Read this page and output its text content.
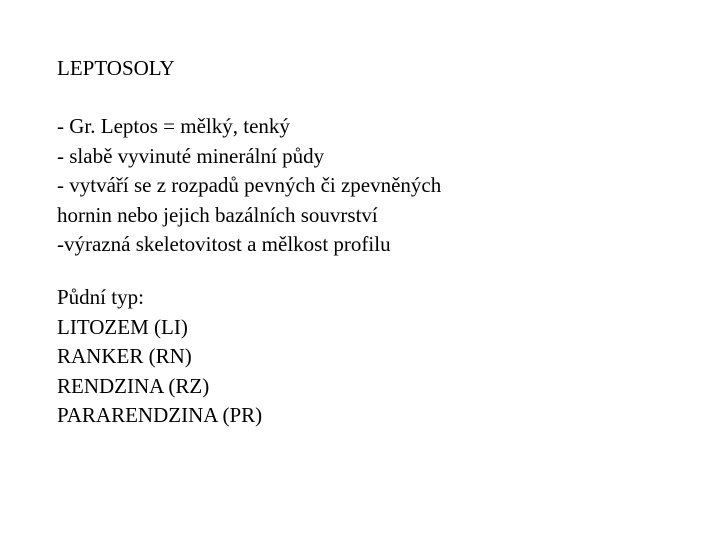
LEPTOSOLY
- Gr. Leptos = mělký, tenký
- slabě vyvinuté minerální půdy
- vytváří se z rozpadů pevných či zpevněných
hornin nebo jejich bazálních souvrství
-výrazná skeletovitost a mělkost profilu
Půdní typ:
LITOZEM (LI)
RANKER (RN)
RENDZINA (RZ)
PARARENDZINA (PR)
